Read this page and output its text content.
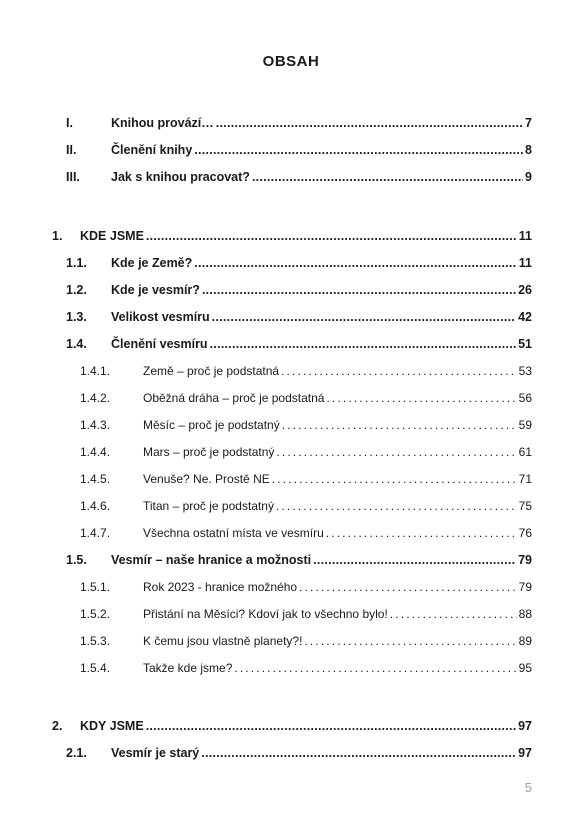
OBSAH
I.	Knihou provází… . . .	7
II.	Členění knihy . . .	8
III.	Jak s knihou pracovat? . . .	9
1.	KDE JSME . . .	11
1.1.	Kde je Země? . . .	11
1.2.	Kde je vesmír? . . .	26
1.3.	Velikost vesmíru . . .	42
1.4.	Členění vesmíru . . .	51
1.4.1.	Země – proč je podstatná . . .	53
1.4.2.	Oběžná dráha – proč je podstatná . . .	56
1.4.3.	Měsíc – proč je podstatný . . .	59
1.4.4.	Mars – proč je podstatný . . .	61
1.4.5.	Venuše? Ne. Prostě NE . . .	71
1.4.6.	Titan – proč je podstatný . . .	75
1.4.7.	Všechna ostatní místa ve vesmíru . . .	76
1.5.	Vesmír – naše hranice a možnosti . . .	79
1.5.1.	Rok 2023 - hranice možného . . .	79
1.5.2.	Přistání na Měsíci? Kdoví jak to všechno bylo! . . .	88
1.5.3.	K čemu jsou vlastně planety?! . . .	89
1.5.4.	Takže kde jsme? . . .	95
2.	KDY JSME . . .	97
2.1.	Vesmír je starý . . .	97
5
